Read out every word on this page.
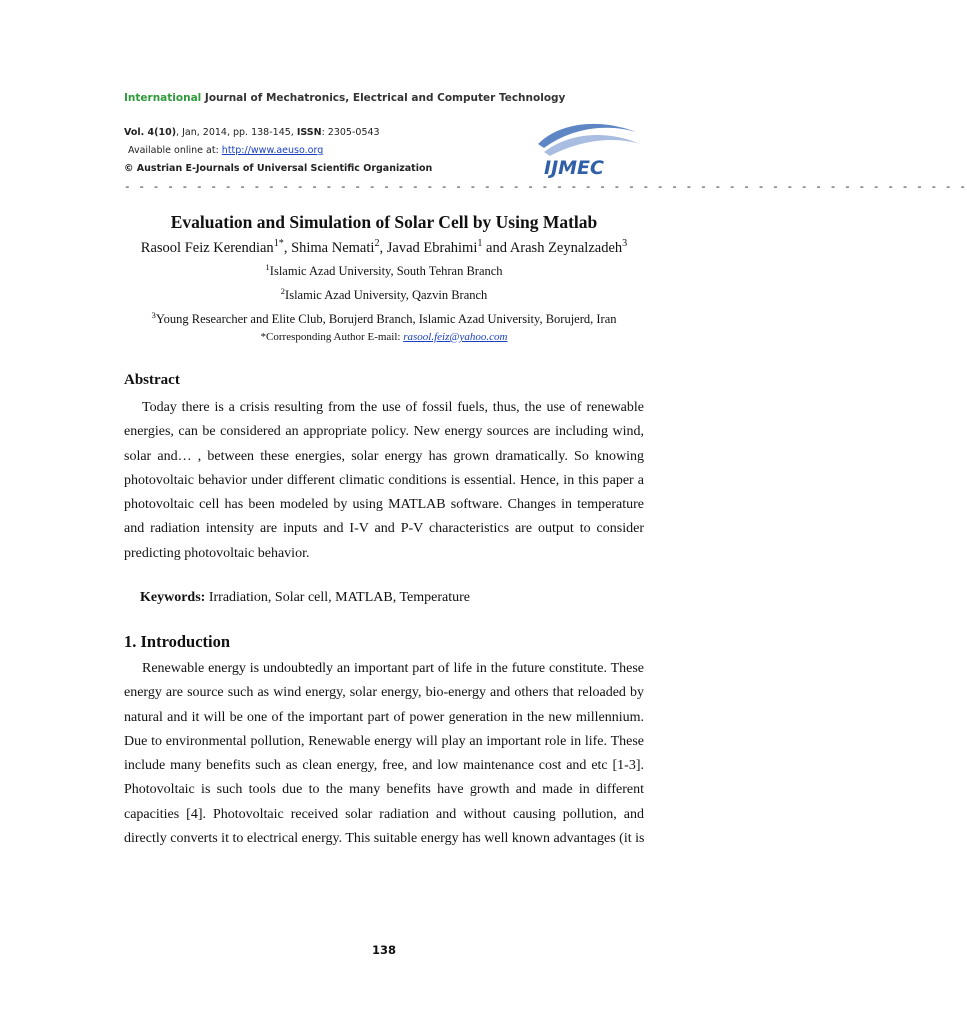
International Journal of Mechatronics, Electrical and Computer Technology
Vol. 4(10), Jan, 2014, pp. 138-145, ISSN: 2305-0543
Available online at: http://www.aeuso.org
© Austrian E-Journals of Universal Scientific Organization	IJMEC
- - - - - - - - - - - - - - - - - - - - - - - - - - - - - - - - - - - - - - - - - - - - - - - - - - - - - - - - - - -
Evaluation and Simulation of Solar Cell by Using Matlab
Rasool Feiz Kerendian$^{1*}$, Shima Nemati$^2$, Javad Ebrahimi$^1$ and Arash Zeynalzadeh$^3$
$^1$Islamic Azad University, South Tehran Branch
$^2$Islamic Azad University, Qazvin Branch
$^3$Young Researcher and Elite Club, Borujerd Branch, Islamic Azad University, Borujerd, Iran
*Corresponding Author E-mail: rasool.feiz@yahoo.com
Abstract
Today there is a crisis resulting from the use of fossil fuels, thus, the use of renewable
energies, can be considered an appropriate policy. New energy sources are including wind,
solar and… , between these energies, solar energy has grown dramatically. So knowing
photovoltaic behavior under different climatic conditions is essential. Hence, in this paper a
photovoltaic cell has been modeled by using MATLAB software. Changes in temperature
and radiation intensity are inputs and I-V and P-V characteristics are output to consider
predicting photovoltaic behavior.
Keywords: Irradiation, Solar cell, MATLAB, Temperature
1. Introduction
Renewable energy is undoubtedly an important part of life in the future constitute. These
energy are source such as wind energy, solar energy, bio-energy and others that reloaded by
natural and it will be one of the important part of power generation in the new millennium.
Due to environmental pollution, Renewable energy will play an important role in life. These
include many benefits such as clean energy, free, and low maintenance cost and etc [1-3].
Photovoltaic is such tools due to the many benefits have growth and made in different
capacities [4]. Photovoltaic received solar radiation and without causing pollution, and
directly converts it to electrical energy. This suitable energy has well known advantages (it is
138
